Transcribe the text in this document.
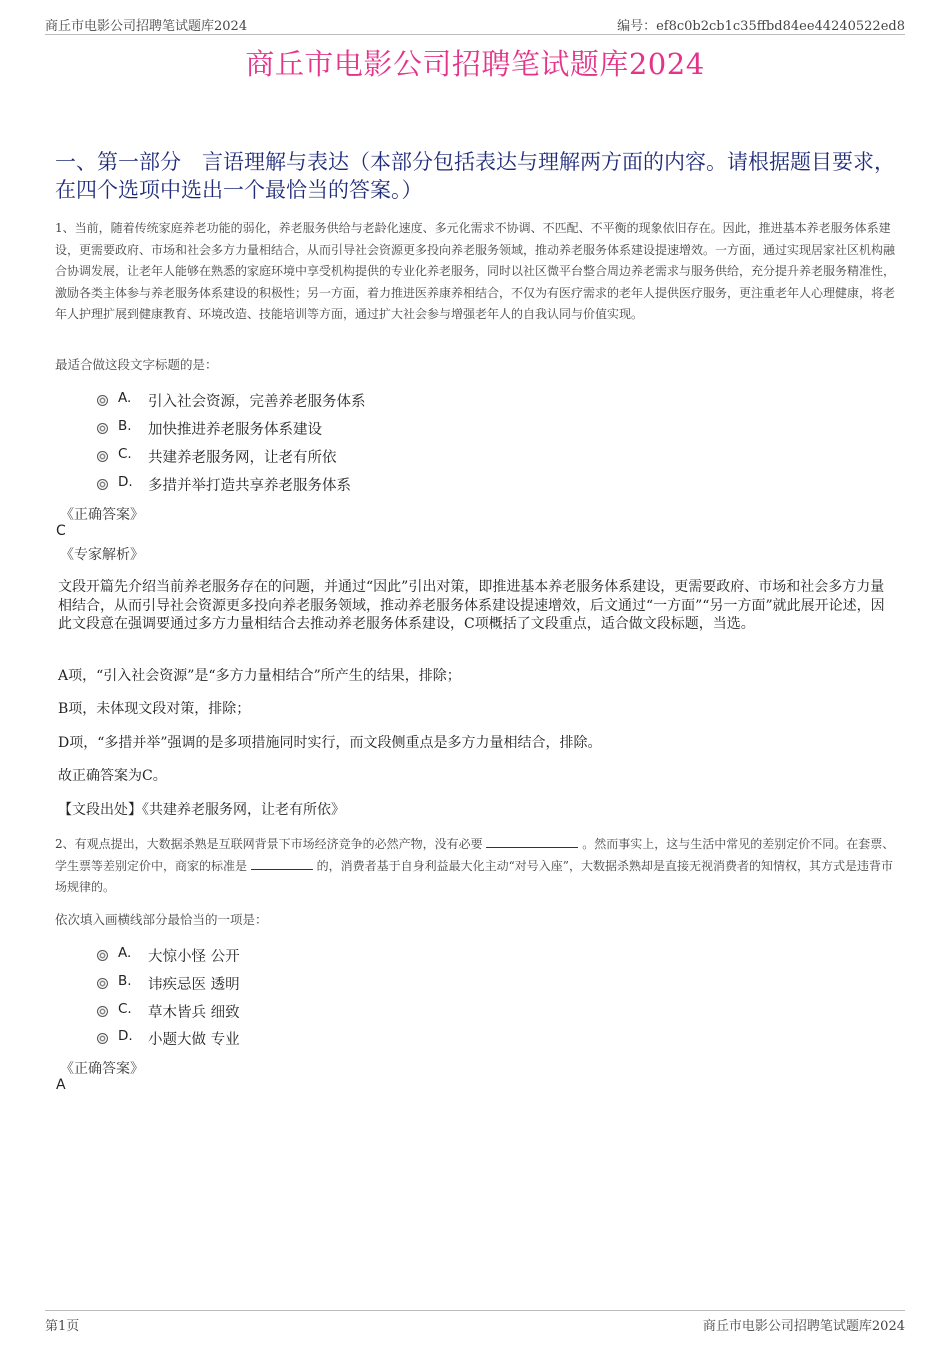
商丘市电影公司招聘笔试题库2024	编号：ef8c0b2cb1c35ffbd84ee44240522ed8
商丘市电影公司招聘笔试题库2024
一、第一部分　言语理解与表达（本部分包括表达与理解两方面的内容。请根据题目要求，在四个选项中选出一个最恰当的答案。）
1、当前，随着传统家庭养老功能的弱化，养老服务供给与老龄化速度、多元化需求不协调、不匹配、不平衡的现象依旧存在。因此，推进基本养老服务体系建设，更需要政府、市场和社会多方力量相结合，从而引导社会资源更多投向养老服务领域，推动养老服务体系建设提速增效。一方面，通过实现居家社区机构融合协调发展，让老年人能够在熟悉的家庭环境中享受机构提供的专业化养老服务，同时以社区微平台整合周边养老需求与服务供给，充分提升养老服务精准性，激励各类主体参与养老服务体系建设的积极性；另一方面，着力推进医养康养相结合，不仅为有医疗需求的老年人提供医疗服务，更注重老年人心理健康，将老年人护理扩展到健康教育、环境改造、技能培训等方面，通过扩大社会参与增强老年人的自我认同与价值实现。
最适合做这段文字标题的是：
A. 引入社会资源，完善养老服务体系
B. 加快推进养老服务体系建设
C. 共建养老服务网，让老有所依
D. 多措并举打造共享养老服务体系
《正确答案》
C
《专家解析》
文段开篇先介绍当前养老服务存在的问题，并通过“因此”引出对策，即推进基本养老服务体系建设，更需要政府、市场和社会多方力量相结合，从而引导社会资源更多投向养老服务领域，推动养老服务体系建设提速增效，后文通过“一方面”“另一方面”就此展开论述，因此文段意在强调要通过多方力量相结合去推动养老服务体系建设，C项概括了文段重点，适合做文段标题，当选。
A项，“引入社会资源”是“多方力量相结合”所产生的结果，排除；
B项，未体现文段对策，排除；
D项，“多措并举”强调的是多项措施同时实行，而文段侧重点是多方力量相结合，排除。
故正确答案为C。
【文段出处】《共建养老服务网，让老有所依》
2、有观点提出，大数据杀熟是互联网背景下市场经济竞争的必然产物，没有必要	。然而事实上，这与生活中常见的差别定价不同。在套票、学生票等差别定价中，商家的标准是	的，消费者基于自身利益最大化主动“对号入座”，大数据杀熟却是直接无视消费者的知情权，其方式是违背市场规律的。
依次填入画横线部分最恰当的一项是：
A. 大惊小怪 公开
B. 讳疾忌医 透明
C. 草木皆兵 细致
D. 小题大做 专业
《正确答案》
A
第1页	商丘市电影公司招聘笔试题库2024
